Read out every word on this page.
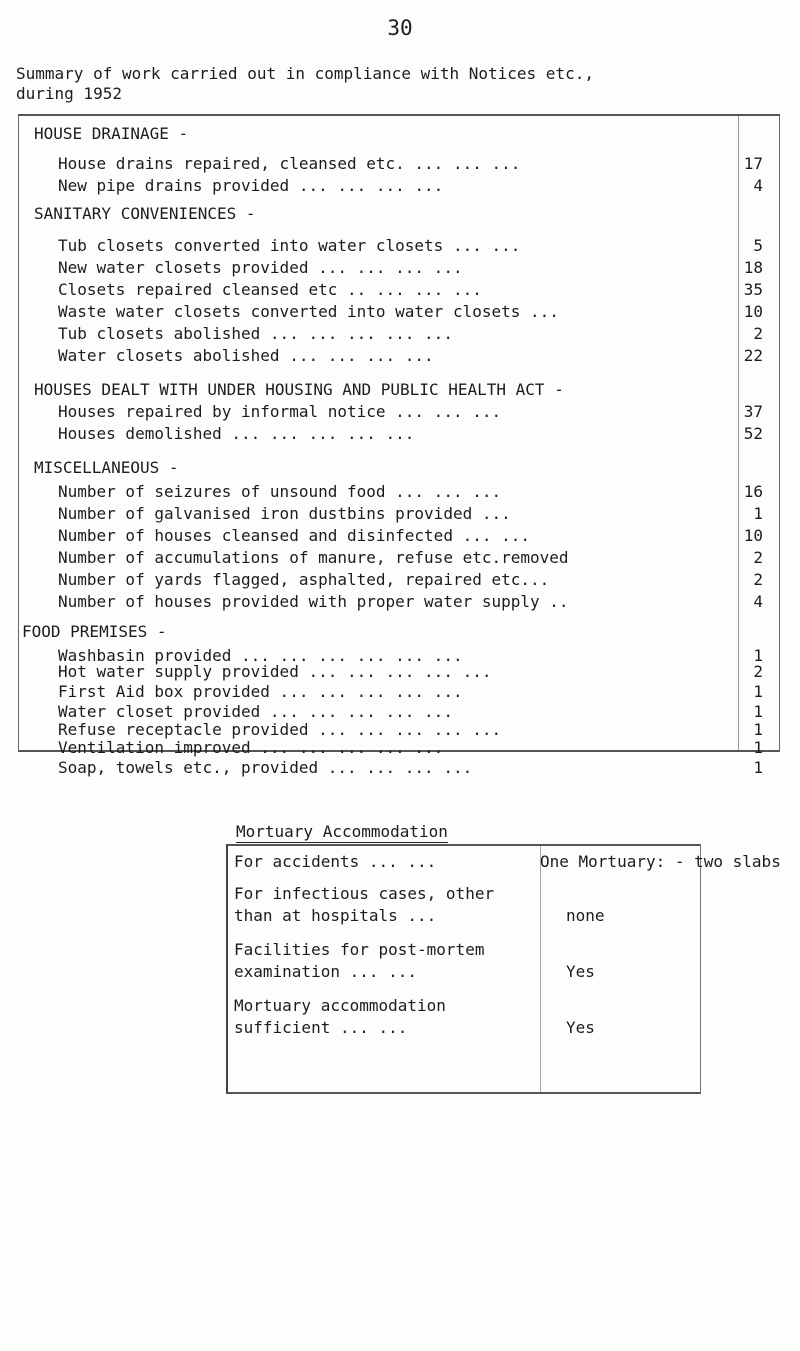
30
Summary of work carried out in compliance with Notices etc.,
during 1952
HOUSE DRAINAGE -
House drains repaired, cleansed etc. ... ... ...	17
New pipe drains provided ... ... ... ...	4
SANITARY CONVENIENCES -
Tub closets converted into water closets ... ...	5
New water closets provided ... ... ... ...	18
Closets repaired cleansed etc .. ... ... ...	35
Waste water closets converted into water closets ...	10
Tub closets abolished ... ... ... ... ...	2
Water closets abolished ... ... ... ...	22
HOUSES DEALT WITH UNDER HOUSING AND PUBLIC HEALTH ACT -
Houses repaired by informal notice ... ... ...	37
Houses demolished ... ... ... ... ...	52
MISCELLANEOUS -
Number of seizures of unsound food ... ... ...	16
Number of galvanised iron dustbins provided ...	1
Number of houses cleansed and disinfected ... ...	10
Number of accumulations of manure, refuse etc.removed	2
Number of yards flagged, asphalted, repaired etc...	2
Number of houses provided with proper water supply ..	4
FOOD PREMISES -
Washbasin provided ... ... ... ... ... ...	1
Hot water supply provided ... ... ... ... ...	2
First Aid box provided ... ... ... ... ...	1
Water closet provided ... ... ... ... ...	1
Refuse receptacle provided ... ... ... ... ...	1
Ventilation improved ... ... ... ... ...	1
Soap, towels etc., provided ... ... ... ...	1
Mortuary Accommodation
For accidents ... ...	One Mortuary: - two slabs
For infectious cases, other
than at hospitals ...	none
Facilities for post-mortem
examination ... ...	Yes
Mortuary accommodation
sufficient ... ...	Yes
